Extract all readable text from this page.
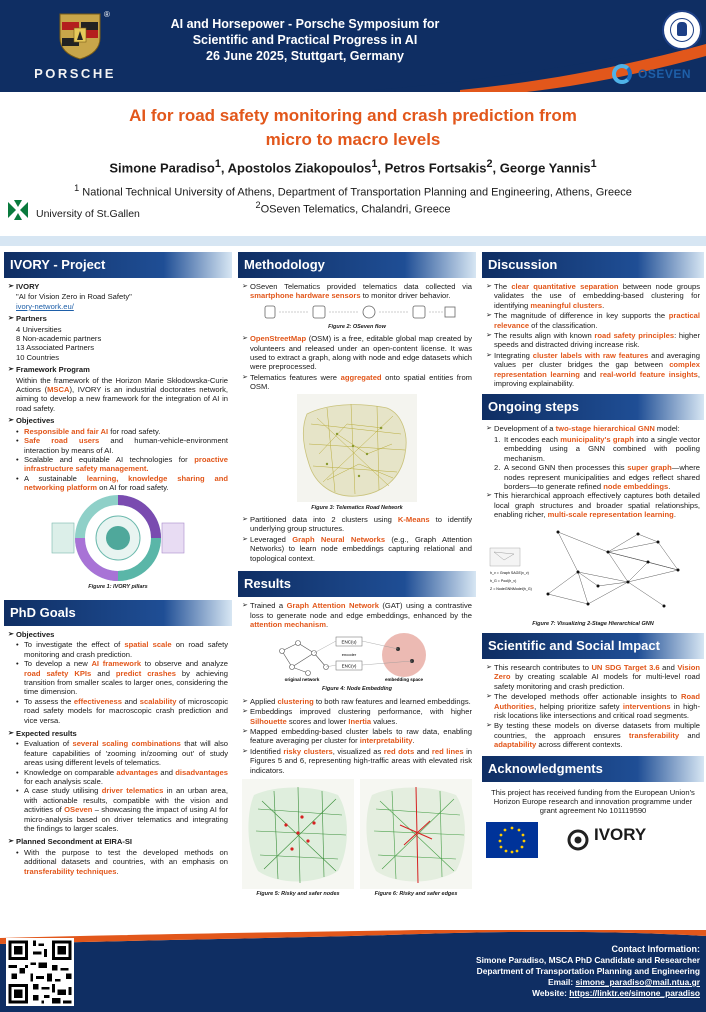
®
PORSCHE
AI and Horsepower - Porsche Symposium for
Scientific and Practical Progress in AI
26 June 2025, Stuttgart, Germany
OSEVEN
AI for road safety monitoring and crash prediction from
micro to macro levels
Simone Paradiso$^1$, Apostolos Ziakopoulos$^1$, Petros Fortsakis$^2$, George Yannis$^1$
$^1$ National Technical University of Athens, Department of Transportation Planning and Engineering, Athens, Greece
$^2$OSeven Telematics, Chalandri, Greece
University of St.Gallen
IVORY - Project
➢ IVORY
"AI for Vision Zero in Road Safety"
ivory-network.eu/
➢ Partners
4 Universities
8 Non-academic partners
13 Associated Partners
10 Countries
➢ Framework Program
Within the framework of the Horizon Marie Skłodowska-Curie Actions (MSCA), IVORY is an industrial doctorates network, aiming to develop a new framework for the integration of AI in road safety.
➢ Objectives
• Responsible and fair AI for road safety.
• Safe road users and human-vehicle-environment interaction by means of AI.
• Scalable and equitable AI technologies for proactive infrastructure safety management.
• A sustainable learning, knowledge sharing and networking platform on AI for road safety.
Figure 1: IVORY pillars
PhD Goals
➢ Objectives
• To investigate the effect of spatial scale on road safety monitoring and crash prediction.
• To develop a new AI framework to observe and analyze road safety KPIs and predict crashes by achieving transition from smaller scales to larger ones, considering the time dimension.
• To assess the effectiveness and scalability of microscopic road safety models for macroscopic crash prediction and vice versa.
➢ Expected results
• Evaluation of several scaling combinations that will also feature capabilities of 'zooming in/zooming out' of study areas using different levels of telematics.
• Knowledge on comparable advantages and disadvantages for each analysis scale.
• A case study utilising driver telematics in an urban area, with actionable results, compatible with the vision and activities of OSeven – showcasing the impact of using AI for micro-analysis based on driver telematics and integrating the findings to larger scales.
➢ Planned Secondment at EIRA-SI
• With the purpose to test the developed methods on additional datasets and countries, with an emphasis on transferability techniques.
Methodology
➢ OSeven Telematics provided telematics data collected via smartphone hardware sensors to monitor driver behavior.
Figure 2: OSeven flow
➢ OpenStreetMap (OSM) is a free, editable global map created by volunteers and released under an open-content license. It was used to extract a graph, along with node and edge datasets which were preprocessed.
➢ Telematics features were aggregated onto spatial entities from OSM.
Figure 3: Telematics Road Network
➢ Partitioned data into 2 clusters using K-Means to identify underlying group structures.
➢ Leveraged Graph Neural Networks (e.g., Graph Attention Networks) to learn node embeddings capturing relational and topological context.
Results
➢ Trained a Graph Attention Network (GAT) using a contrastive loss to generate node and edge embeddings, enhanced by the attention mechanism.
ENC(u)
ENC(v)
encoder
original network	embedding space
Figure 4: Node Embedding
➢ Applied clustering to both raw features and learned embeddings.
➢ Embeddings improved clustering performance, with higher Silhouette scores and lower Inertia values.
➢ Mapped embedding-based cluster labels to raw data, enabling feature averaging per cluster for interpretability.
➢ Identified risky clusters, visualized as red dots and red lines in Figures 5 and 6, representing high-traffic areas with elevated risk indicators.
Figure 5: Risky and safer nodes	Figure 6: Risky and safer edges
Discussion
➢ The clear quantitative separation between node groups validates the use of embedding-based clustering for identifying meaningful clusters.
➢ The magnitude of difference in key supports the practical relevance of the classification.
➢ The results align with known road safety principles: higher speeds and distracted driving increase risk.
➢ Integrating cluster labels with raw features and averaging values per cluster bridges the gap between complex representation learning and real-world feature insights, improving explainability.
Ongoing steps
➢ Development of a two-stage hierarchical GNN model:
1. It encodes each municipality's graph into a single vector embedding using a GNN combined with pooling mechanism.
2. A second GNN then processes this super graph—where nodes represent municipalities and edges reflect shared borders—to generate refined node embeddings.
➢ This hierarchical approach effectively captures both detailed local graph structures and broader spatial relationships, enabling richer, multi-scale representation learning.
h_v = Graph SAGE(x_v)
h_G = Pool(h_v)
Z = NodeGNNModel(h_G)
Figure 7: Visualizing 2-Stage Hierarchical GNN
Scientific and Social Impact
➢ This research contributes to UN SDG Target 3.6 and Vision Zero by creating scalable AI models for multi-level road safety monitoring and crash prediction.
➢ The developed methods offer actionable insights to Road Authorities, helping prioritize safety interventions in high-risk locations like intersections and critical road segments.
➢ By testing these models on diverse datasets from multiple countries, the approach ensures transferability and adaptability across different contexts.
Acknowledgments
This project has received funding from the European Union's Horizon Europe research and innovation programme under grant agreement No 101119590
IVORY
Contact Information:
Simone Paradiso, MSCA PhD Candidate and Researcher
Department of Transportation Planning and Engineering
Email: simone_paradiso@mail.ntua.gr
Website: https://linktr.ee/simone_paradiso
